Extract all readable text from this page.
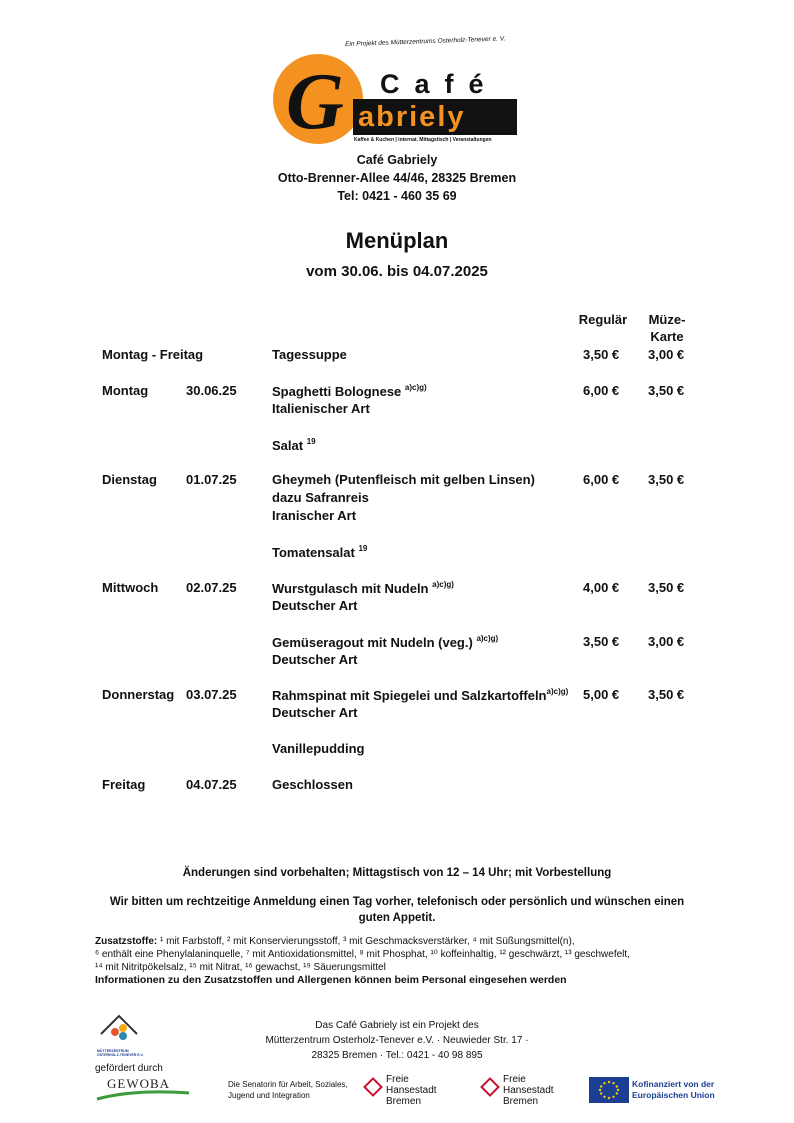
Ein Projekt des Mütterzentrums Osterholz-Tenever e. V.
G Café
abriely
Kaffee & Kuchen | internat. Mittagstisch | Veranstaltungen
Café Gabriely
Otto-Brenner-Allee 44/46, 28325 Bremen
Tel: 0421 - 460 35 69
Menüplan
vom 30.06. bis 04.07.2025
Regulär	Müze-
Karte
Montag - Freitag	Tagessuppe	3,50 € 3,00 €
Montag	30.06.25	Spaghetti Bolognese $^{a)c)g)}$	6,00 € 3,50 €
Italienischer Art
Salat $^{19}$
Dienstag 01.07.25	Gheymeh (Putenfleisch mit gelben Linsen)	6,00 € 3,50 €
dazu Safranreis
Iranischer Art
Tomatensalat $^{19}$
Mittwoch 02.07.25	Wurstgulasch mit Nudeln $^{a)c)g)}$	4,00 € 3,50 €
Deutscher Art
Gemüseragout mit Nudeln (veg.) $^{a)c)g)}$	3,50 € 3,00 €
Deutscher Art
Donnerstag 03.07.25	Rahmspinat mit Spiegelei und Salzkartoffeln$^{a)c)g)}$ 5,00 € 3,50 €
Deutscher Art
Vanillepudding
Freitag	04.07.25	Geschlossen
Änderungen sind vorbehalten; Mittagstisch von 12 – 14 Uhr; mit Vorbestellung
Wir bitten um rechtzeitige Anmeldung einen Tag vorher, telefonisch oder persönlich und wünschen einen
guten Appetit.
Zusatzstoffe: ¹ mit Farbstoff, ² mit Konservierungsstoff, ³ mit Geschmacksverstärker, ⁴ mit Süßungsmittel(n),
⁶ enthält eine Phenylalaninquelle, ⁷ mit Antioxidationsmittel, ⁸ mit Phosphat, ¹⁰ koffeinhaltig, ¹² geschwärzt, ¹³ geschwefelt,
¹⁴ mit Nitritpökelsalz, ¹⁵ mit Nitrat, ¹⁶ gewachst, ¹⁹ Säuerungsmittel
Informationen zu den Zusatzstoffen und Allergenen können beim Personal eingesehen werden
MÜTTERZENTRUM OSTERHOLZ-TENEVER E.V.
Das Café Gabriely ist ein Projekt des
Mütterzentrum Osterholz-Tenever e.V. · Neuwieder Str. 17 ·
28325 Bremen · Tel.: 0421 - 40 98 895
gefördert durch
GEWOBA	Die Senatorin für Arbeit, Soziales,
Jugend und Integration
Freie
Hansestadt
Bremen
Freie
Hansestadt
Bremen
Kofinanziert von der
Europäischen Union
